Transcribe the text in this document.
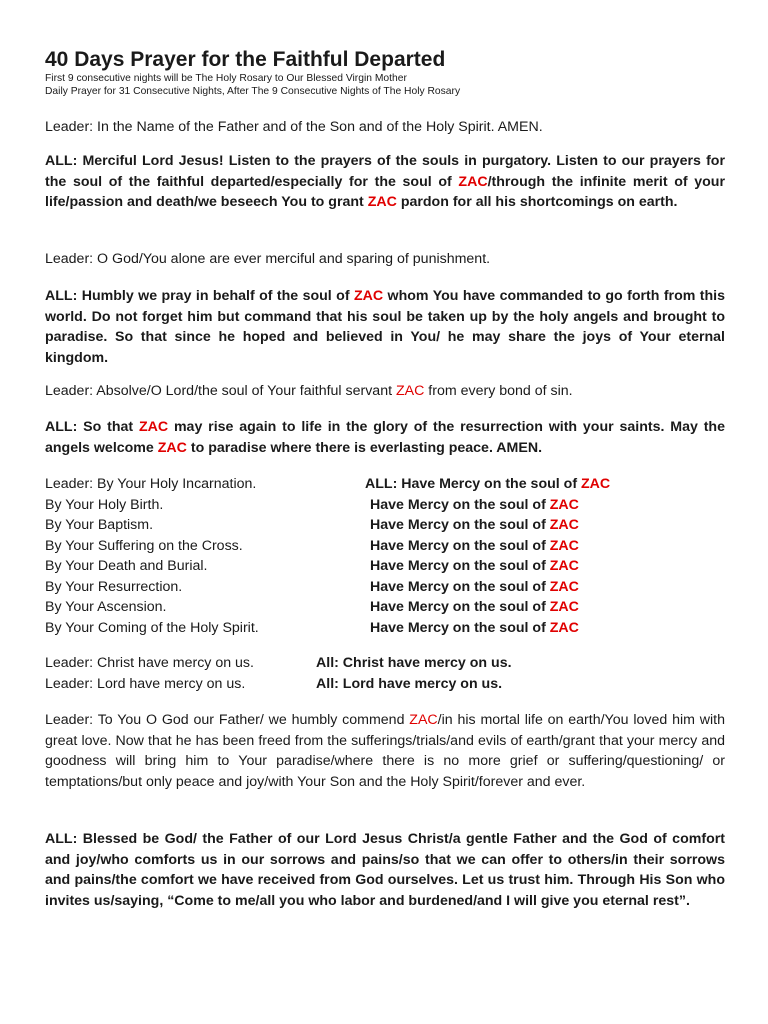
40 Days Prayer for the Faithful Departed
First 9 consecutive nights will be The Holy Rosary to Our Blessed Virgin Mother
Daily Prayer for 31 Consecutive Nights, After The 9 Consecutive Nights of The Holy Rosary

Leader: In the Name of the Father and of the Son and of the Holy Spirit. AMEN.

ALL: Merciful Lord Jesus! Listen to the prayers of the souls in purgatory. Listen to our prayers for the soul of the faithful departed/especially for the soul of ZAC/through the infinite merit of your life/passion and death/we beseech You to grant ZAC pardon for all his shortcomings on earth.

Leader: O God/You alone are ever merciful and sparing of punishment.

ALL: Humbly we pray in behalf of the soul of ZAC whom You have commanded to go forth from this world. Do not forget him but command that his soul be taken up by the holy angels and brought to paradise. So that since he hoped and believed in You/ he may share the joys of Your eternal kingdom.

Leader: Absolve/O Lord/the soul of Your faithful servant ZAC from every bond of sin.

ALL: So that ZAC may rise again to life in the glory of the resurrection with your saints. May the angels welcome ZAC to paradise where there is everlasting peace. AMEN.

Leader: By Your Holy Incarnation.	ALL: Have Mercy on the soul of ZAC
By Your Holy Birth.	Have Mercy on the soul of ZAC
By Your Baptism.	Have Mercy on the soul of ZAC
By Your Suffering on the Cross.	Have Mercy on the soul of ZAC
By Your Death and Burial.	Have Mercy on the soul of ZAC
By Your Resurrection.	Have Mercy on the soul of ZAC
By Your Ascension.	Have Mercy on the soul of ZAC
By Your Coming of the Holy Spirit.	Have Mercy on the soul of ZAC
Leader: Christ have mercy on us.	All: Christ have mercy on us.
Leader: Lord have mercy on us.	All: Lord have mercy on us.

Leader: To You O God our Father/ we humbly commend ZAC/in his mortal life on earth/You loved him with great love. Now that he has been freed from the sufferings/trials/and evils of earth/grant that your mercy and goodness will bring him to Your paradise/where there is no more grief or suffering/questioning/ or temptations/but only peace and joy/with Your Son and the Holy Spirit/forever and ever.

ALL: Blessed be God/ the Father of our Lord Jesus Christ/a gentle Father and the God of comfort and joy/who comforts us in our sorrows and pains/so that we can offer to others/in their sorrows and pains/the comfort we have received from God ourselves. Let us trust him. Through His Son who invites us/saying, “Come to me/all you who labor and burdened/and I will give you eternal rest”.
